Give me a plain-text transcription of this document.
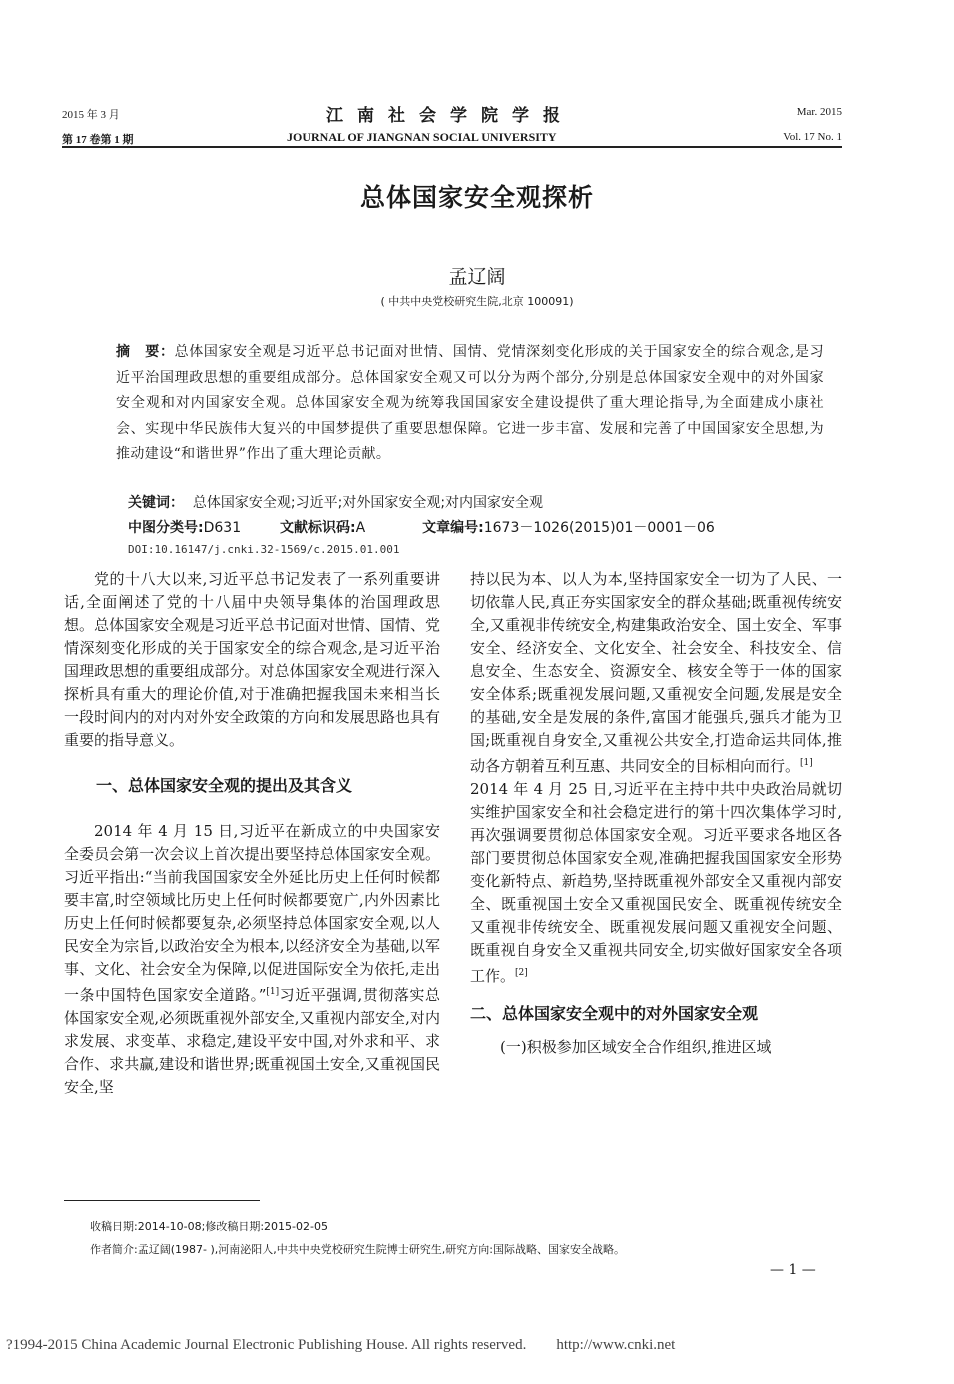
2015 年 3 月
第 17 卷第 1 期
江南社会学院学报
JOURNAL OF JIANGNAN SOCIAL UNIVERSITY
Mar. 2015
Vol. 17 No. 1
总体国家安全观探析
孟辽阔
( 中共中央党校研究生院,北京 100091)
摘　要：总体国家安全观是习近平总书记面对世情、国情、党情深刻变化形成的关于国家安全的综合观念,是习近平治国理政思想的重要组成部分。总体国家安全观又可以分为两个部分,分别是总体国家安全观中的对外国家安全观和对内国家安全观。总体国家安全观为统筹我国国家安全建设提供了重大理论指导,为全面建成小康社会、实现中华民族伟大复兴的中国梦提供了重要思想保障。它进一步丰富、发展和完善了中国国家安全思想,为推动建设“和谐世界”作出了重大理论贡献。
关键词： 总体国家安全观;习近平;对外国家安全观;对内国家安全观
中图分类号:D631	文献标识码:A	文章编号:1673－1026(2015)01－0001－06
DOI:10.16147/j.cnki.32-1569/c.2015.01.001

党的十八大以来,习近平总书记发表了一系列重要讲话,全面阐述了党的十八届中央领导集体的治国理政思想。总体国家安全观是习近平总书记面对世情、国情、党情深刻变化形成的关于国家安全的综合观念,是习近平治国理政思想的重要组成部分。对总体国家安全观进行深入探析具有重大的理论价值,对于准确把握我国未来相当长一段时间内的对内对外安全政策的方向和发展思路也具有重要的指导意义。

一、总体国家安全观的提出及其含义

2014 年 4 月 15 日,习近平在新成立的中央国家安全委员会第一次会议上首次提出要坚持总体国家安全观。习近平指出:“当前我国国家安全外延比历史上任何时候都要丰富,时空领域比历史上任何时候都要宽广,内外因素比历史上任何时候都要复杂,必须坚持总体国家安全观,以人民安全为宗旨,以政治安全为根本,以经济安全为基础,以军事、文化、社会安全为保障,以促进国际安全为依托,走出一条中国特色国家安全道路。”[1]习近平强调,贯彻落实总体国家安全观,必须既重视外部安全,又重视内部安全,对内求发展、求变革、求稳定,建设平安中国,对外求和平、求合作、求共赢,建设和谐世界;既重视国土安全,又重视国民安全,坚

持以民为本、以人为本,坚持国家安全一切为了人民、一切依靠人民,真正夯实国家安全的群众基础;既重视传统安全,又重视非传统安全,构建集政治安全、国土安全、军事安全、经济安全、文化安全、社会安全、科技安全、信息安全、生态安全、资源安全、核安全等于一体的国家安全体系;既重视发展问题,又重视安全问题,发展是安全的基础,安全是发展的条件,富国才能强兵,强兵才能为卫国;既重视自身安全,又重视公共安全,打造命运共同体,推动各方朝着互利互惠、共同安全的目标相向而行。[1]

2014 年 4 月 25 日,习近平在主持中共中央政治局就切实维护国家安全和社会稳定进行的第十四次集体学习时,再次强调要贯彻总体国家安全观。习近平要求各地区各部门要贯彻总体国家安全观,准确把握我国国家安全形势变化新特点、新趋势,坚持既重视外部安全又重视内部安全、既重视国土安全又重视国民安全、既重视传统安全又重视非传统安全、既重视发展问题又重视安全问题、既重视自身安全又重视共同安全,切实做好国家安全各项工作。[2]

二、总体国家安全观中的对外国家安全观

(一)积极参加区域安全合作组织,推进区域

收稿日期:2014-10-08;修改稿日期:2015-02-05
作者简介:孟辽阔(1987- ),河南泌阳人,中共中央党校研究生院博士研究生,研究方向:国际战略、国家安全战略。
— 1 —
?1994-2015 China Academic Journal Electronic Publishing House. All rights reserved.　　http://www.cnki.net
